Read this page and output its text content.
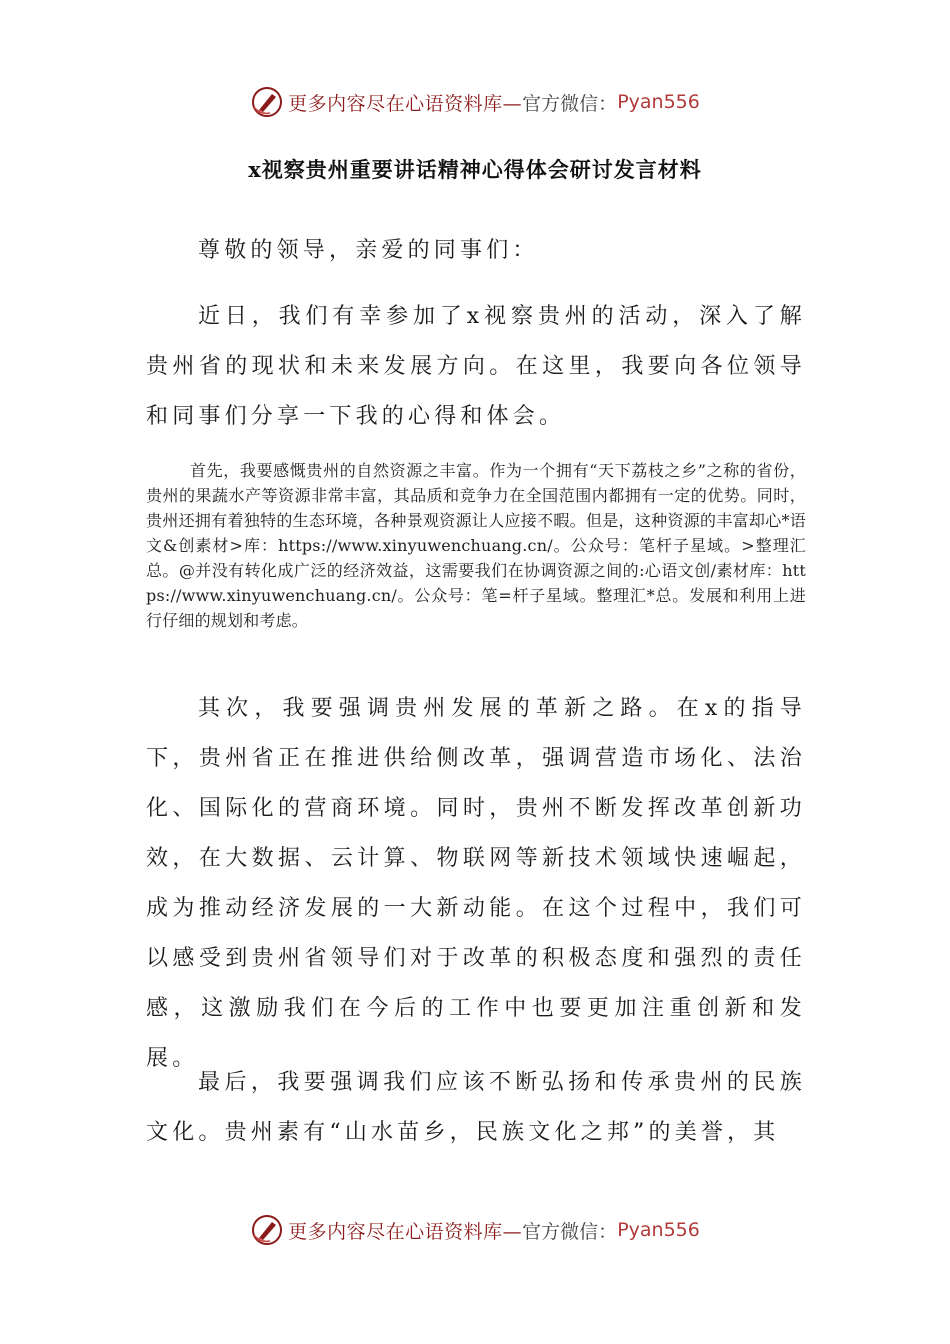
更多内容尽在心语资料库— 官方微信： Pyan556
x视察贵州重要讲话精神心得体会研讨发言材料

尊敬的领导，亲爱的同事们：

近日，我们有幸参加了x视察贵州的活动，深入了解贵州省的现状和未来发展方向。在这里，我要向各位领导和同事们分享一下我的心得和体会。

首先，我要感慨贵州的自然资源之丰富。作为一个拥有“天下荔枝之乡”之称的省份，贵州的果蔬水产等资源非常丰富，其品质和竞争力在全国范围内都拥有一定的优势。同时，贵州还拥有着独特的生态环境，各种景观资源让人应接不暇。但是，这种资源的丰富却心*语文&创素材>库：https://www.xinyuwenchuang.cn/。公众号：笔杆子星域。>整理汇总。@并没有转化成广泛的经济效益，这需要我们在协调资源之间的:心语文创/素材库：https://www.xinyuwenchuang.cn/。公众号：笔=杆子星域。整理汇*总。发展和利用上进行仔细的规划和考虑。

其次，我要强调贵州发展的革新之路。在x的指导下，贵州省正在推进供给侧改革，强调营造市场化、法治化、国际化的营商环境。同时，贵州不断发挥改革创新功效，在大数据、云计算、物联网等新技术领域快速崛起，成为推动经济发展的一大新动能。在这个过程中，我们可以感受到贵州省领导们对于改革的积极态度和强烈的责任感，这激励我们在今后的工作中也要更加注重创新和发展。

最后，我要强调我们应该不断弘扬和传承贵州的民族文化。贵州素有“山水苗乡，民族文化之邦”的美誉，其

更多内容尽在心语资料库— 官方微信： Pyan556
